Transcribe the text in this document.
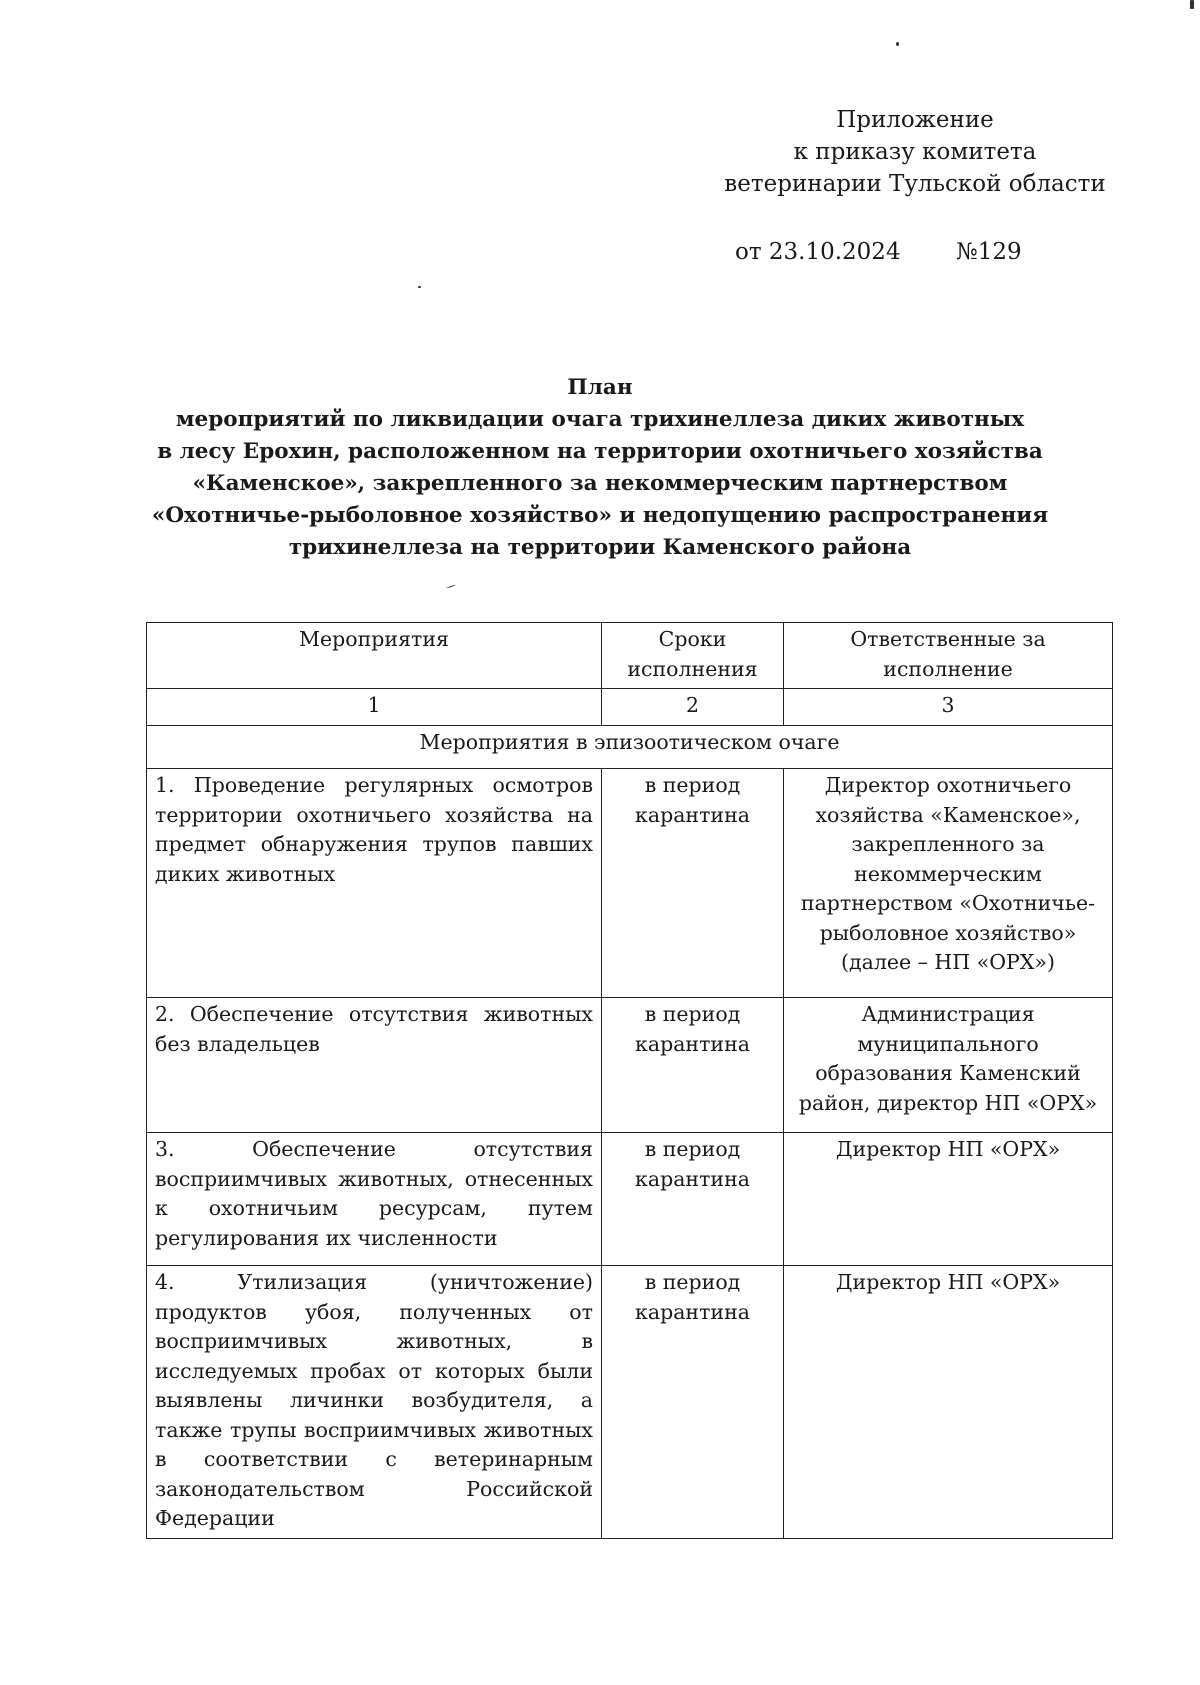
Приложение
к приказу комитета
ветеринарии Тульской области
от 23.10.2024 №129
План
мероприятий по ликвидации очага трихинеллеза диких животных
в лесу Ерохин, расположенном на территории охотничьего хозяйства
«Каменское», закрепленного за некоммерческим партнерством
«Охотничье-рыболовное хозяйство» и недопущению распространения
трихинеллеза на территории Каменского района
Мероприятия	Сроки исполнения	Ответственные за исполнение
1	2	3
Мероприятия в эпизоотическом очаге		
1. Проведение регулярных осмотров территории охотничьего хозяйства на предмет обнаружения трупов павших диких животных	в период карантина	Директор охотничьего хозяйства «Каменское», закрепленного за некоммерческим партнерством «Охотничье-рыболовное хозяйство» (далее – НП «ОРХ»)
2. Обеспечение отсутствия животных без владельцев	в период карантина	Администрация муниципального образования Каменский район, директор НП «ОРХ»
3. Обеспечение отсутствия восприимчивых животных, отнесенных к охотничьим ресурсам, путем регулирования их численности	в период карантина	Директор НП «ОРХ»
4. Утилизация (уничтожение) продуктов убоя, полученных от восприимчивых животных, в исследуемых пробах от которых были выявлены личинки возбудителя, а также трупы восприимчивых животных в соответствии с ветеринарным законодательством Российской Федерации	в период карантина	Директор НП «ОРХ»
